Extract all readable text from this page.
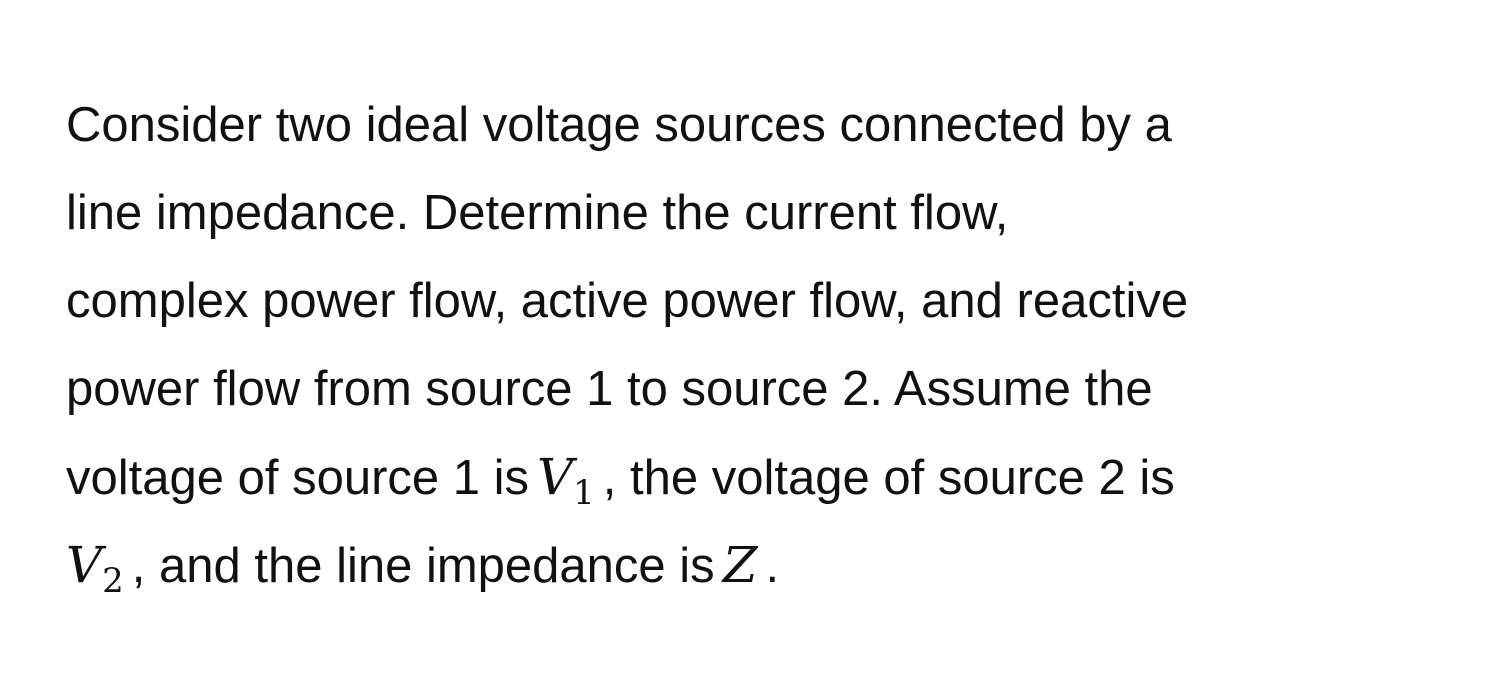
Consider two ideal voltage sources connected by a
line impedance. Determine the current flow,
complex power flow, active power flow, and reactive
power flow from source 1 to source 2. Assume the
voltage of source 1 is $V_1$ , the voltage of source 2 is
$V_2$ , and the line impedance is Z .
